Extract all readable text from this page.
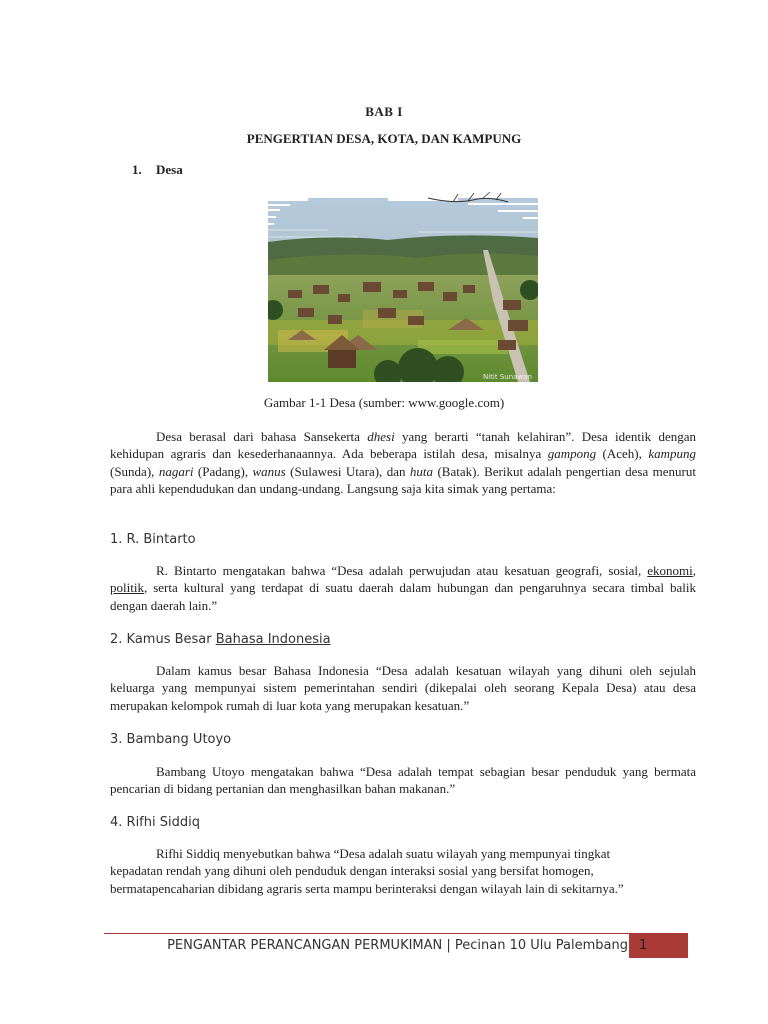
BAB I
PENGERTIAN DESA, KOTA, DAN KAMPUNG
1. Desa
Nitit Sunawan
Gambar 1-1 Desa (sumber: www.google.com)

Desa berasal dari bahasa Sansekerta dhesi yang berarti “tanah kelahiran”. Desa identik dengan kehidupan agraris dan kesederhanaannya. Ada beberapa istilah desa, misalnya gampong (Aceh), kampung (Sunda), nagari (Padang), wanus (Sulawesi Utara), dan huta (Batak). Berikut adalah pengertian desa menurut para ahli kependudukan dan undang-undang. Langsung saja kita simak yang pertama:

1. R. Bintarto

R. Bintarto mengatakan bahwa “Desa adalah perwujudan atau kesatuan geografi, sosial, ekonomi, politik, serta kultural yang terdapat di suatu daerah dalam hubungan dan pengaruhnya secara timbal balik dengan daerah lain.”

2. Kamus Besar Bahasa Indonesia

Dalam kamus besar Bahasa Indonesia “Desa adalah kesatuan wilayah yang dihuni oleh sejulah keluarga yang mempunyai sistem pemerintahan sendiri (dikepalai oleh seorang Kepala Desa) atau desa merupakan kelompok rumah di luar kota yang merupakan kesatuan.”

3. Bambang Utoyo

Bambang Utoyo mengatakan bahwa “Desa adalah tempat sebagian besar penduduk yang bermata pencarian di bidang pertanian dan menghasilkan bahan makanan.”

4. Rifhi Siddiq
Rifhi Siddiq menyebutkan bahwa “Desa adalah suatu wilayah yang mempunyai tingkat
kepadatan rendah yang dihuni oleh penduduk dengan interaksi sosial yang bersifat homogen,
bermatapencaharian dibidang agraris serta mampu berinteraksi dengan wilayah lain di sekitarnya.”
PENGANTAR PERANCANGAN PERMUKIMAN | Pecinan 10 Ulu Palembang 1
